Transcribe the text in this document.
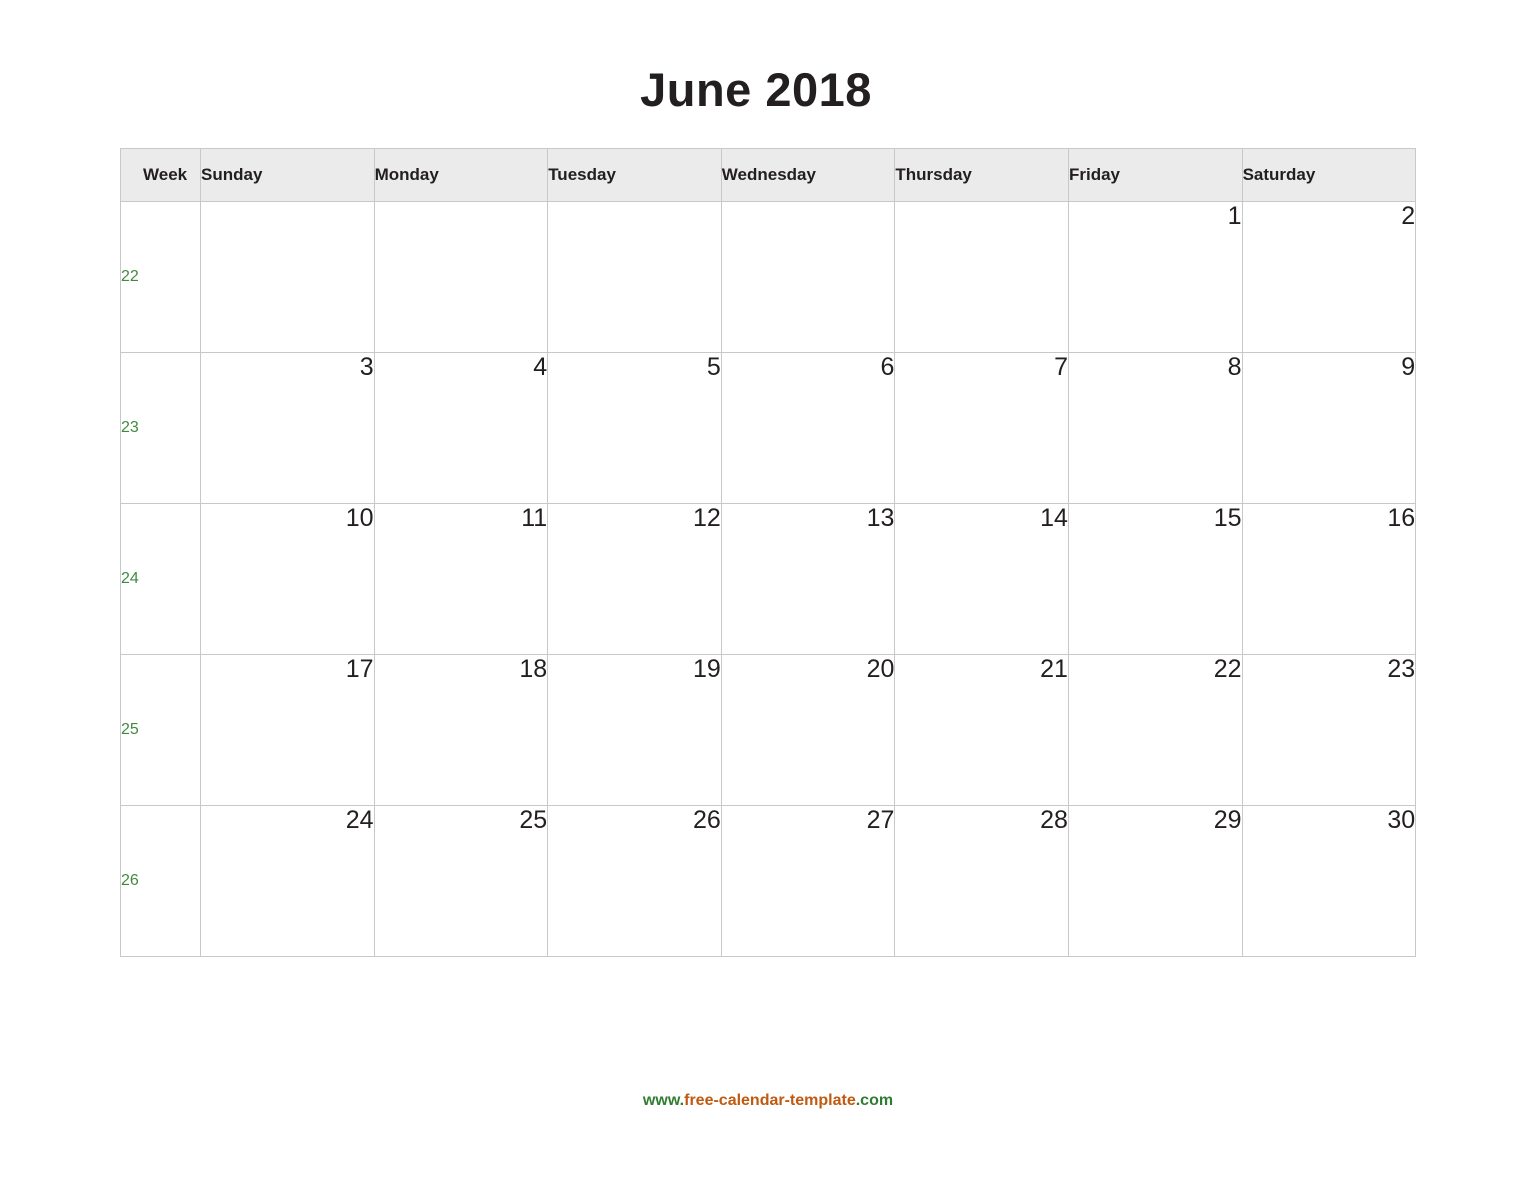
June 2018
Week	Sunday	Monday	Tuesday	Wednesday	Thursday	Friday	Saturday
22						1	2
23	3	4	5	6	7	8	9
24	10	11	12	13	14	15	16
25	17	18	19	20	21	22	23
26	24	25	26	27	28	29	30
www.free-calendar-template.com
